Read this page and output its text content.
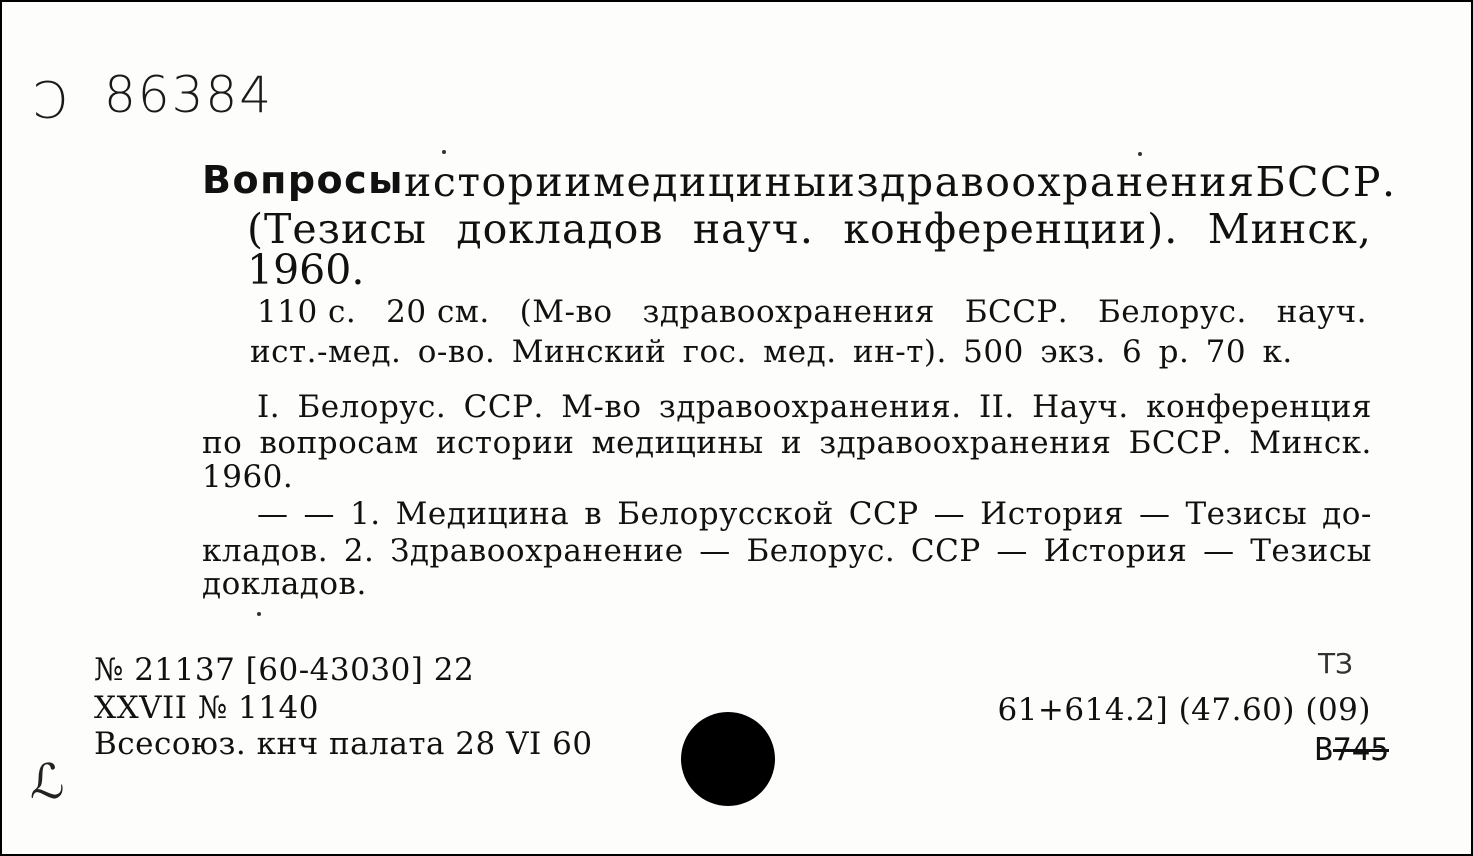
Ɔ 86384
Вопросы истории медицины и здравоохранения БССР.
(Тезисы докладов науч. конференции). Минск,
1960.
110 с. 20 см. (М-во здравоохранения БССР. Белорус. науч.
ист.-мед. о-во. Минский гос. мед. ин-т). 500 экз. 6 р. 70 к.
I. Белорус. ССР. М-во здравоохранения. II. Науч. конференция
по вопросам истории медицины и здравоохранения БССР. Минск.
1960.
— — 1. Медицина в Белорусской ССР — История — Тезисы до-
кладов. 2. Здравоохранение — Белорус. ССР — История — Тезисы
докладов.
№ 21137 [60-43030] 22
XXVII № 1140
Всесоюз. кнч палата 28 VI 60
61+614.2] (47.60) (09)
ТЗ
В745
ℒ
